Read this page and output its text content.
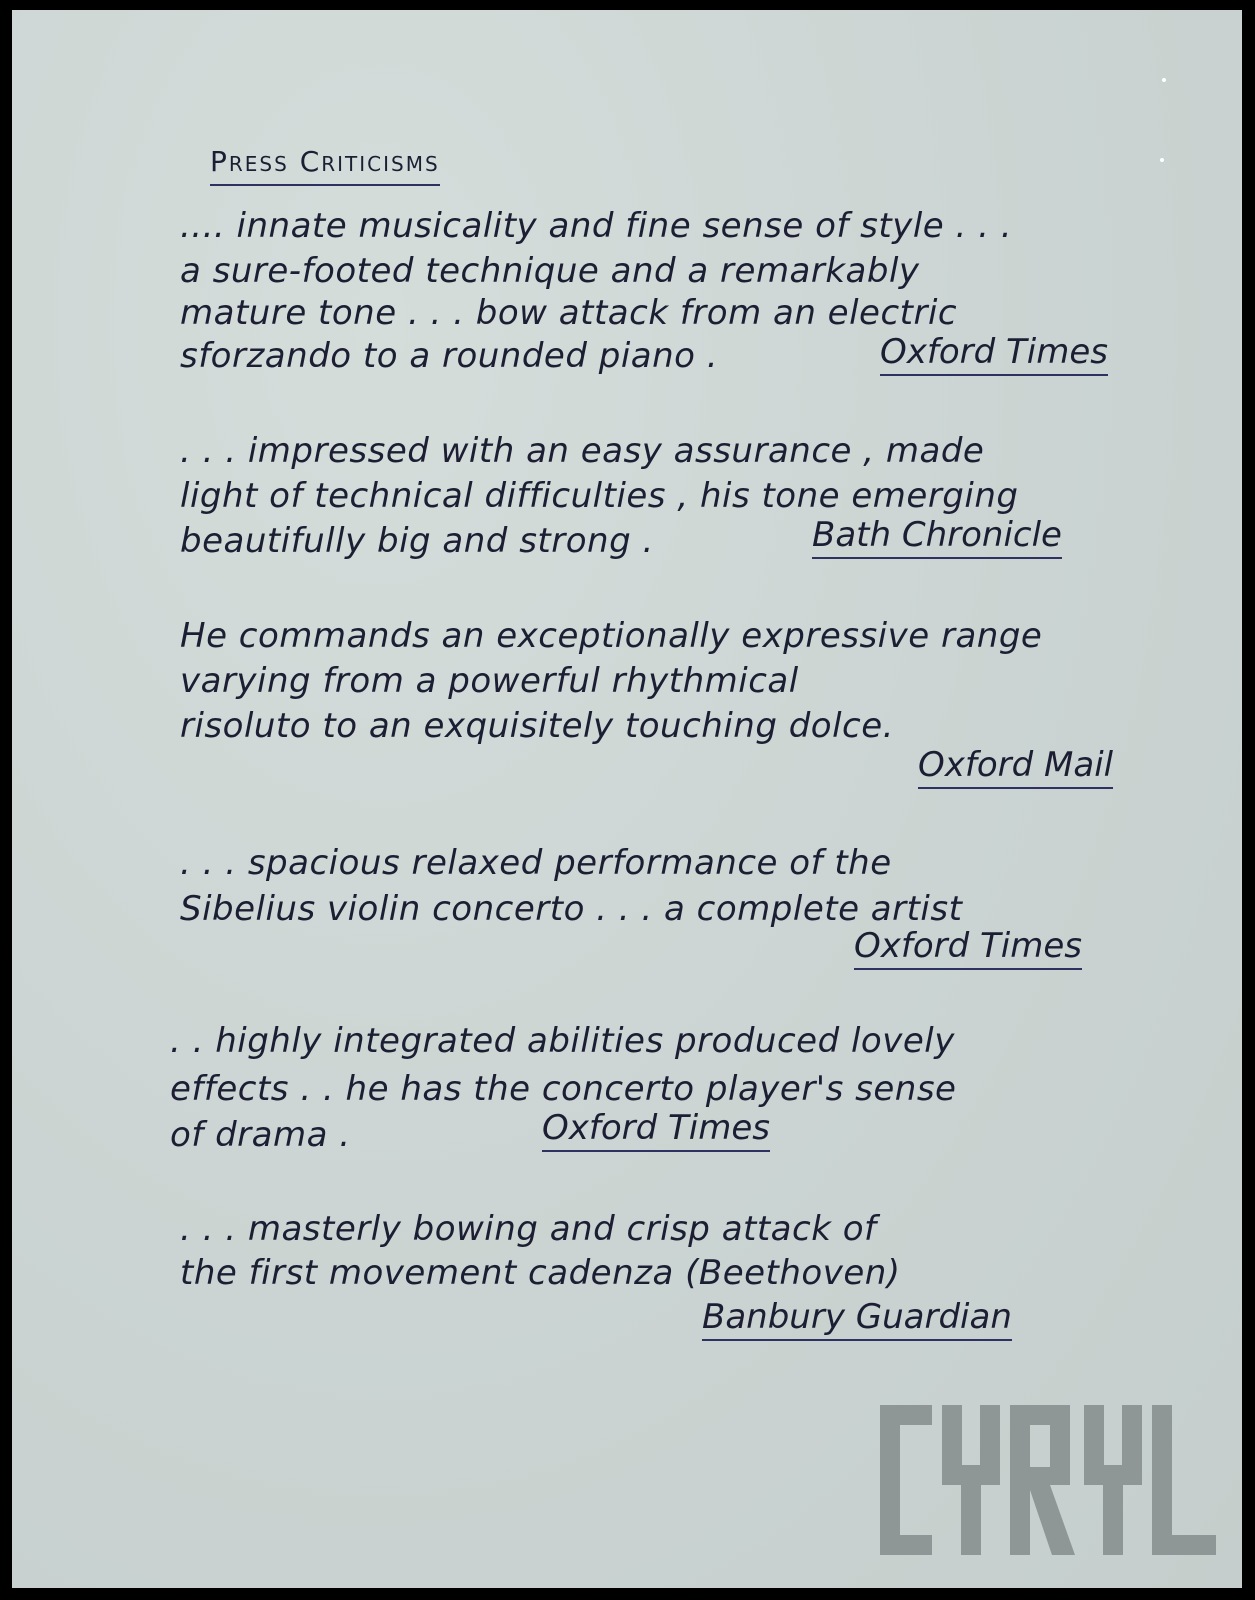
Press Criticisms
.... innate musicality and fine sense of style . . .
a sure-footed technique and a remarkably
mature tone . . . bow attack from an electric
sforzando to a rounded piano .	Oxford Times
. . . impressed with an easy assurance , made
light of technical difficulties , his tone emerging
beautifully big and strong .	Bath Chronicle
He commands an exceptionally expressive range
varying from a powerful rhythmical
risoluto to an exquisitely touching dolce.
Oxford Mail
. . . spacious relaxed performance of the
Sibelius violin concerto . . . a complete artist
Oxford Times
. . highly integrated abilities produced lovely
effects . . he has the concerto player's sense
of drama .	Oxford Times
. . . masterly bowing and crisp attack of
the first movement cadenza (Beethoven)
Banbury Guardian
